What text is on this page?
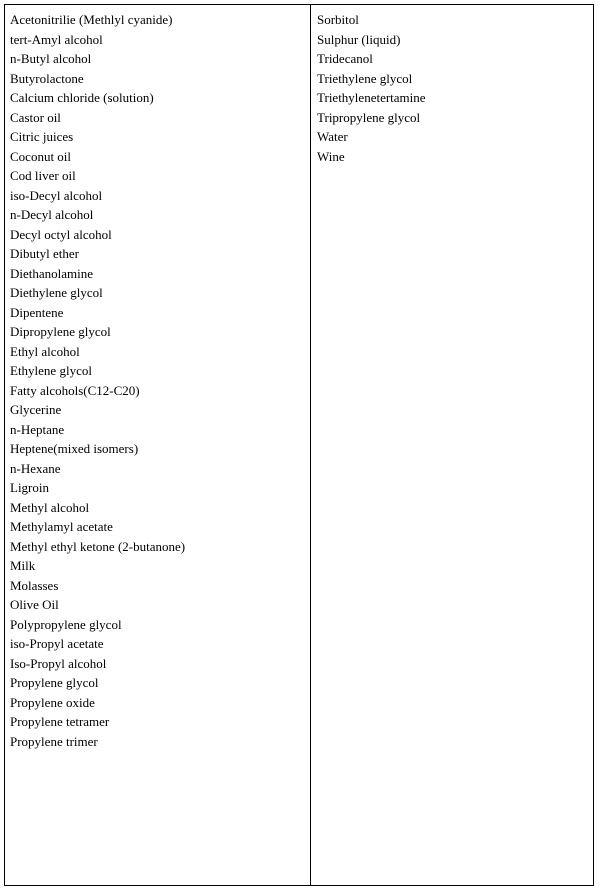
Acetonitrilie (Methlyl cyanide)
tert-Amyl alcohol
n-Butyl alcohol
Butyrolactone
Calcium chloride (solution)
Castor oil
Citric juices
Coconut oil
Cod liver oil
iso-Decyl alcohol
n-Decyl alcohol
Decyl octyl alcohol
Dibutyl ether
Diethanolamine
Diethylene glycol
Dipentene
Dipropylene glycol
Ethyl alcohol
Ethylene glycol
Fatty alcohols(C12-C20)
Glycerine
n-Heptane
Heptene(mixed isomers)
n-Hexane
Ligroin
Methyl alcohol
Methylamyl acetate
Methyl ethyl ketone (2-butanone)
Milk
Molasses
Olive Oil
Polypropylene glycol
iso-Propyl acetate
Iso-Propyl alcohol
Propylene glycol
Propylene oxide
Propylene tetramer
Propylene trimer
Sorbitol
Sulphur (liquid)
Tridecanol
Triethylene glycol
Triethylenetertamine
Tripropylene glycol
Water
Wine
